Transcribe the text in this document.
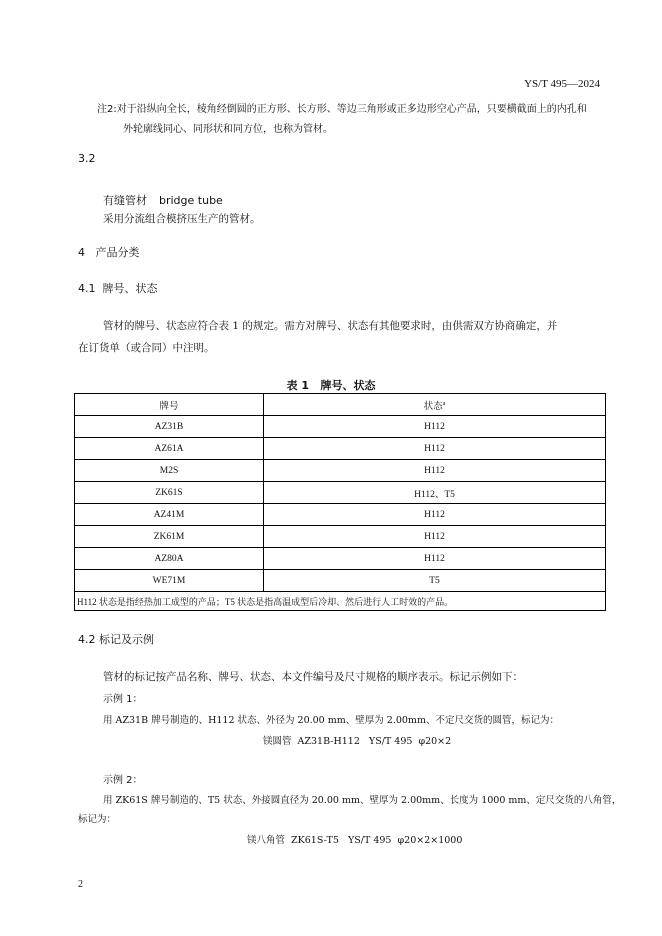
YS/T 495—2024
注2:对于沿纵向全长，棱角经倒圆的正方形、长方形、等边三角形或正多边形空心产品，只要横截面上的内孔和
外轮廓线同心、同形状和同方位，也称为管材。
3.2
有缝管材 bridge tube
采用分流组合模挤压生产的管材。
4   产品分类
4.1  牌号、状态
管材的牌号、状态应符合表 1 的规定。需方对牌号、状态有其他要求时，由供需双方协商确定，并
在订货单（或合同）中注明。
表 1   牌号、状态
牌号	状态$^a$
AZ31B	H112
AZ61A	H112
M2S	H112
ZK61S	H112、T5
AZ41M	H112
ZK61M	H112
AZ80A	H112
WE71M	T5
H112 状态是指经热加工成型的产品；T5 状态是指高温成型后冷却、然后进行人工时效的产品。	
4.2 标记及示例
管材的标记按产品名称、牌号、状态、本文件编号及尺寸规格的顺序表示。标记示例如下：
示例 1：
用 AZ31B 牌号制造的、H112 状态、外径为 20.00 mm、壁厚为 2.00mm、不定尺交货的圆管，标记为：
镁圆管  AZ31B-H112   YS/T 495  φ20×2
示例 2：
用 ZK61S 牌号制造的、T5 状态、外接圆直径为 20.00 mm、壁厚为 2.00mm、长度为 1000 mm、定尺交货的八角管，
标记为：
镁八角管  ZK61S-T5   YS/T 495  φ20×2×1000
2
